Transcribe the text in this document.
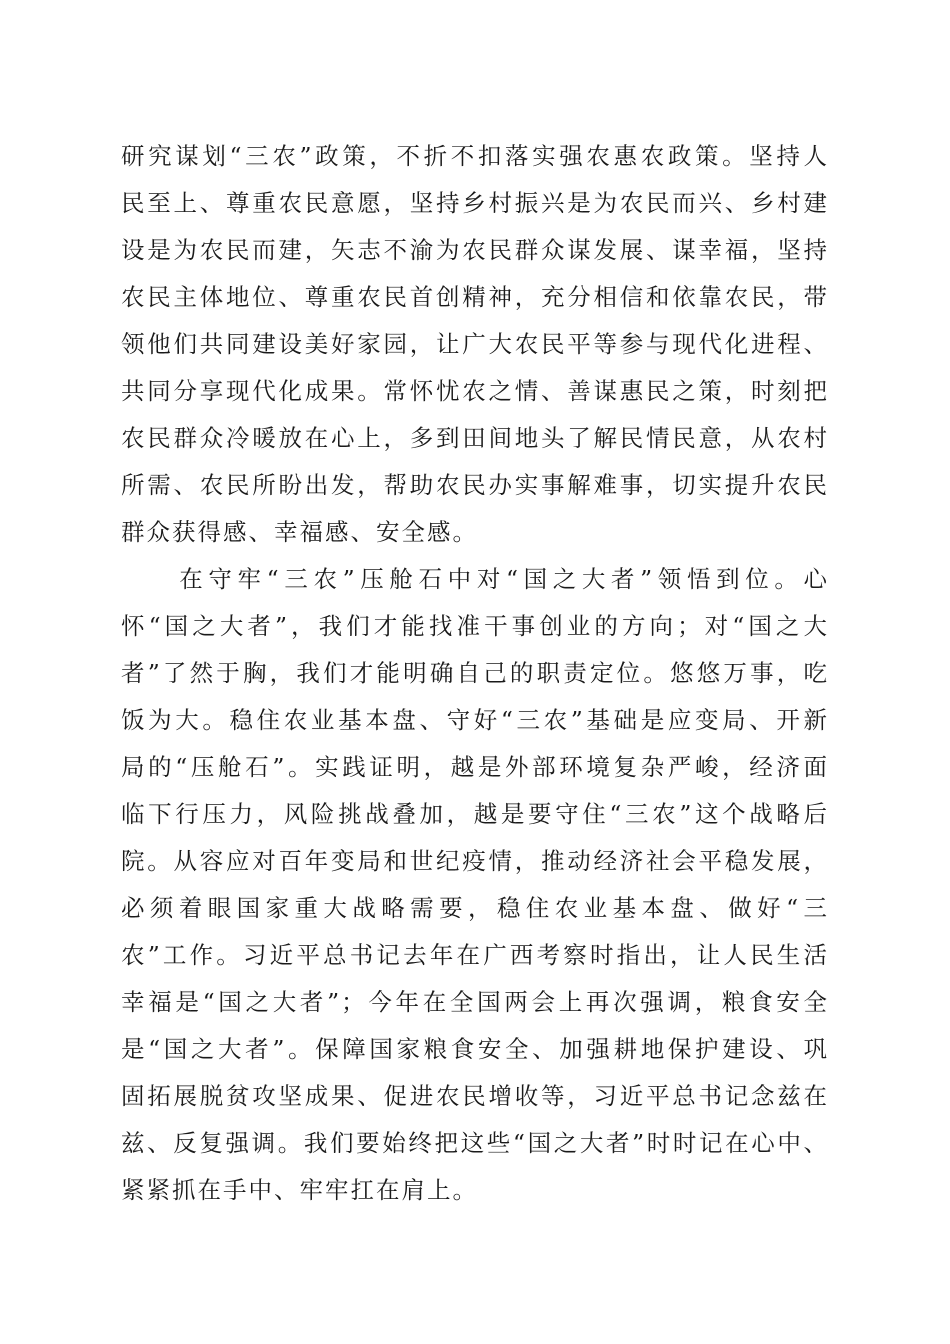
研究谋划“三农”政策，不折不扣落实强农惠农政策。坚持人
民至上、尊重农民意愿，坚持乡村振兴是为农民而兴、乡村建
设是为农民而建，矢志不渝为农民群众谋发展、谋幸福，坚持
农民主体地位、尊重农民首创精神，充分相信和依靠农民，带
领他们共同建设美好家园，让广大农民平等参与现代化进程、
共同分享现代化成果。常怀忧农之情、善谋惠民之策，时刻把
农民群众冷暖放在心上，多到田间地头了解民情民意，从农村
所需、农民所盼出发，帮助农民办实事解难事，切实提升农民
群众获得感、幸福感、安全感。
　　在守牢“三农”压舱石中对“国之大者”领悟到位。心
怀“国之大者”，我们才能找准干事创业的方向；对“国之大
者”了然于胸，我们才能明确自己的职责定位。悠悠万事，吃
饭为大。稳住农业基本盘、守好“三农”基础是应变局、开新
局的“压舱石”。实践证明，越是外部环境复杂严峻，经济面
临下行压力，风险挑战叠加，越是要守住“三农”这个战略后
院。从容应对百年变局和世纪疫情，推动经济社会平稳发展，
必须着眼国家重大战略需要，稳住农业基本盘、做好“三
农”工作。习近平总书记去年在广西考察时指出，让人民生活
幸福是“国之大者”；今年在全国两会上再次强调，粮食安全
是“国之大者”。保障国家粮食安全、加强耕地保护建设、巩
固拓展脱贫攻坚成果、促进农民增收等，习近平总书记念兹在
兹、反复强调。我们要始终把这些“国之大者”时时记在心中、
紧紧抓在手中、牢牢扛在肩上。
